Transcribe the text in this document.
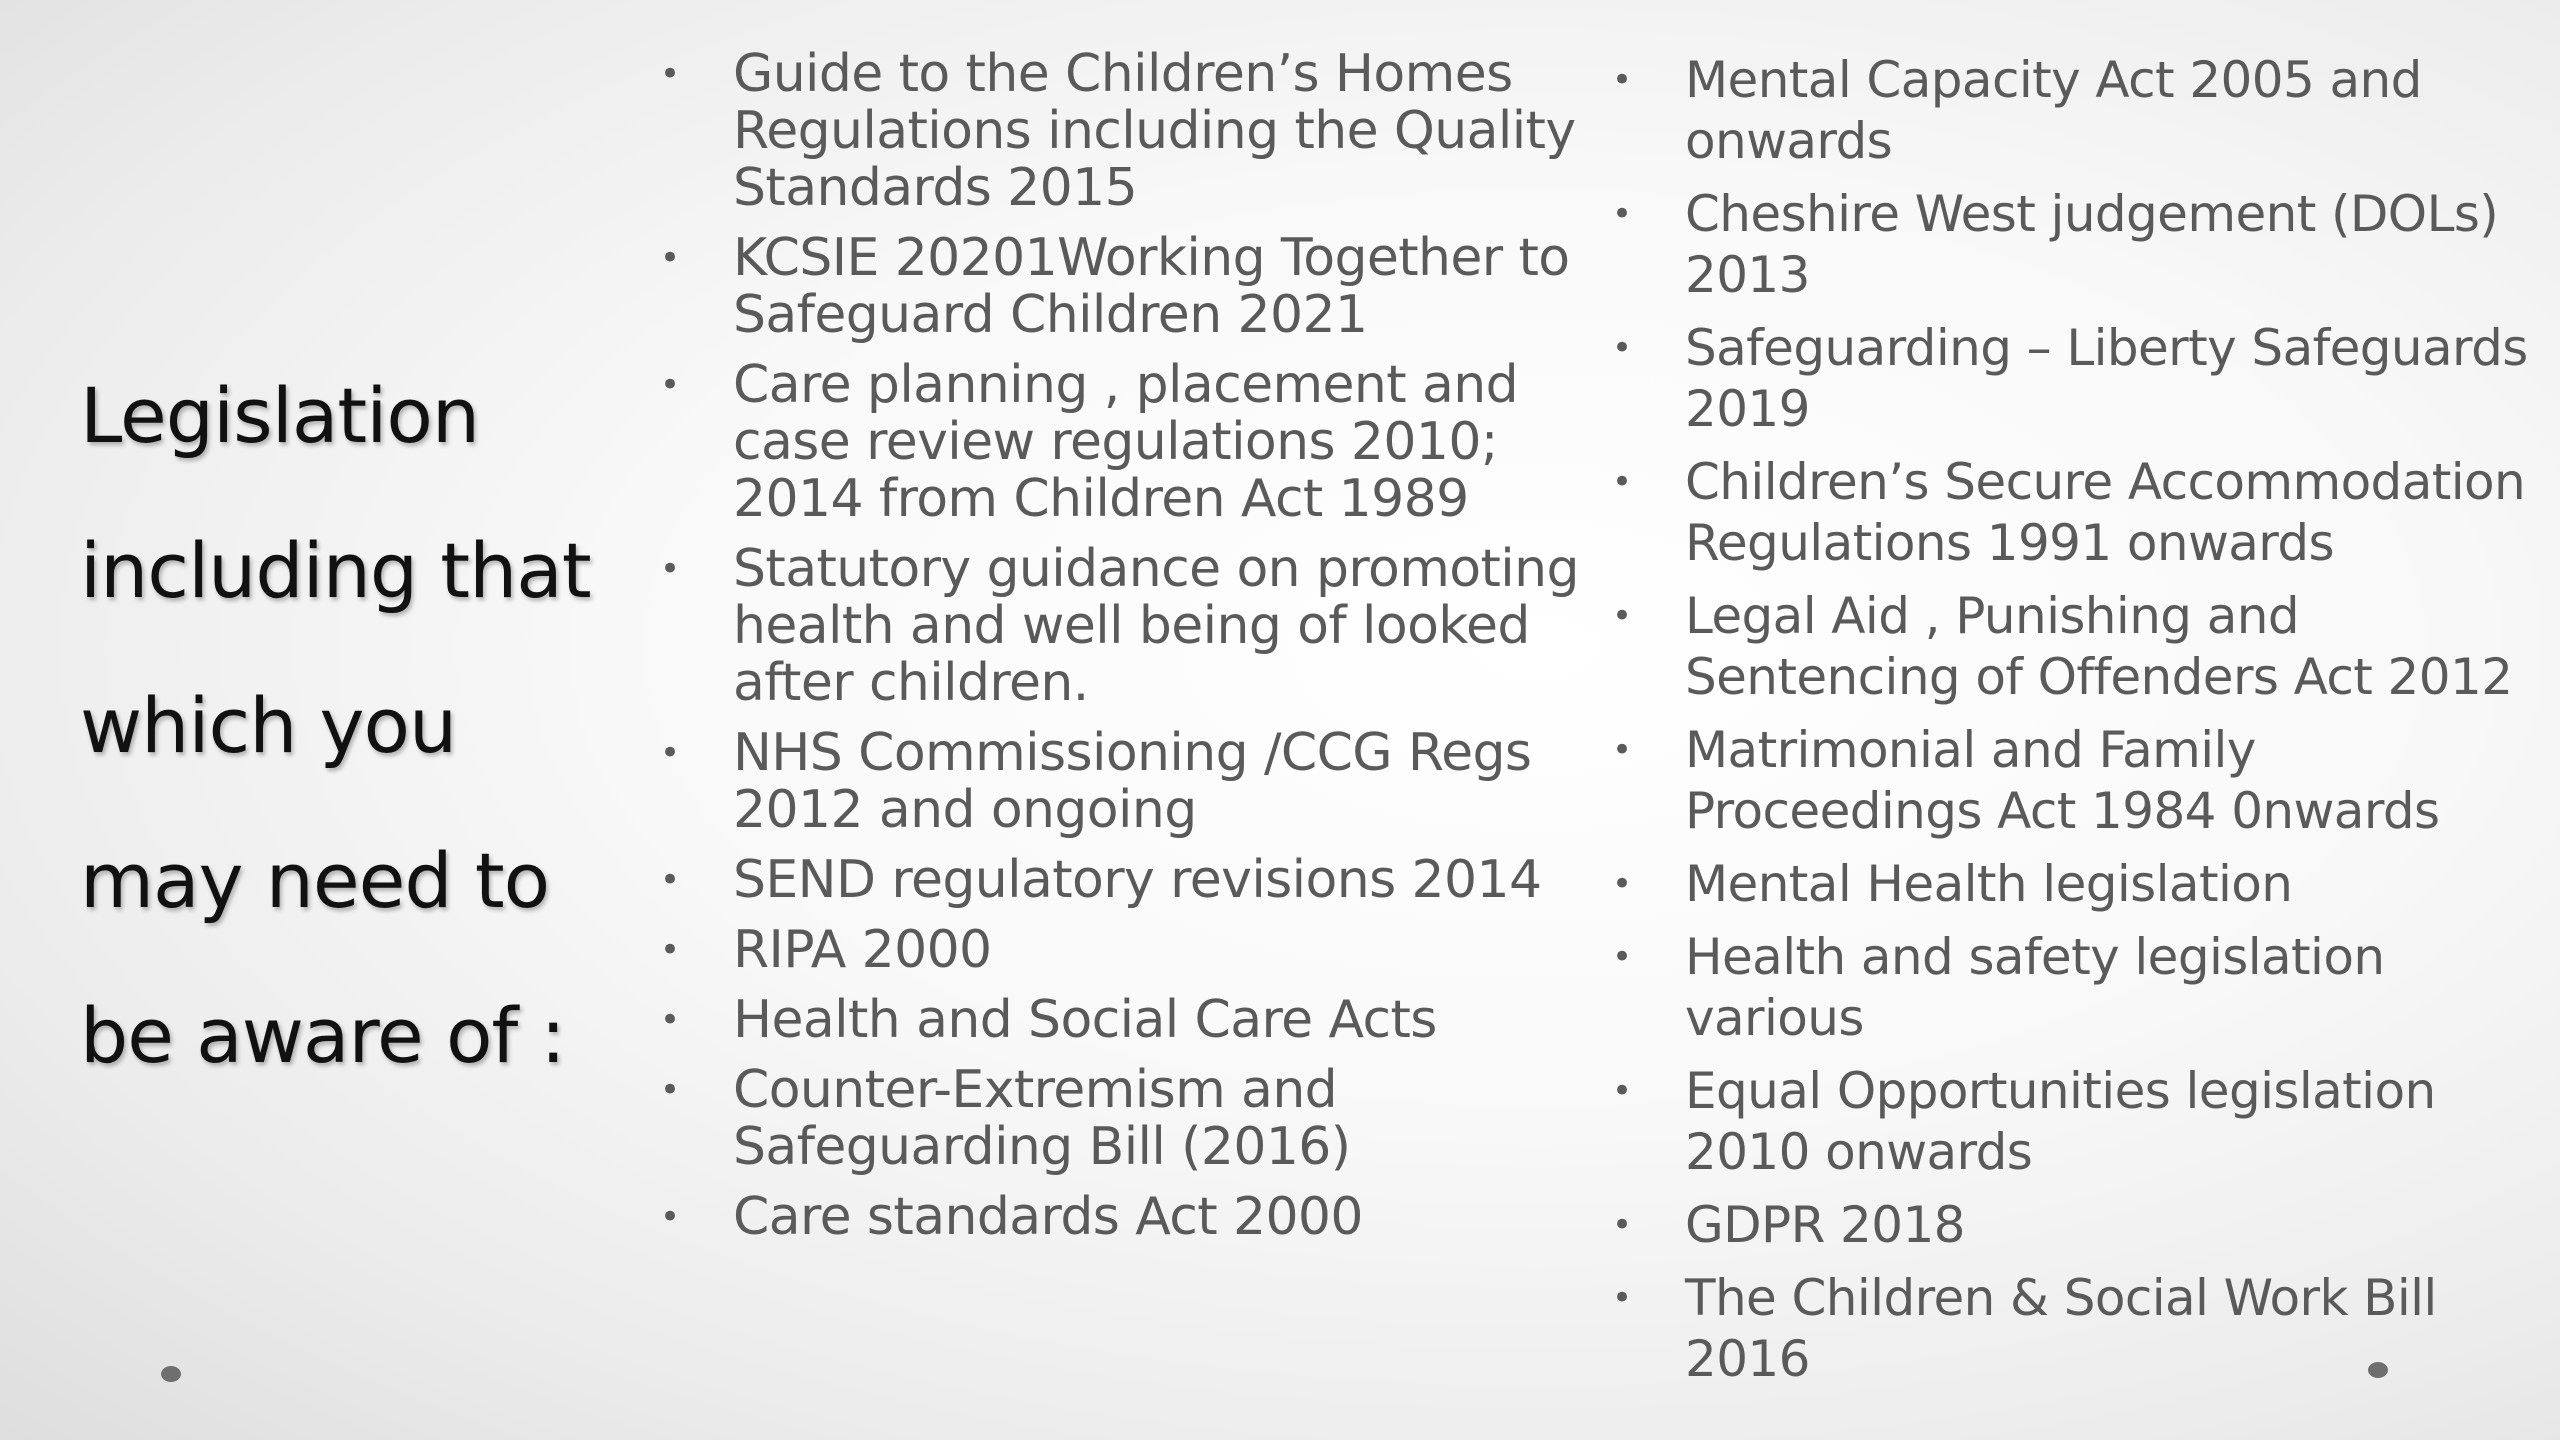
Legislation
including that
which you
may need to
be aware of :
• Guide to the Children’s Homes Regulations including the Quality Standards 2015
• KCSIE 20201Working Together to Safeguard Children 2021
• Care planning , placement and case review regulations 2010; 2014 from Children Act 1989
• Statutory guidance on promoting health and well being of looked after children.
• NHS Commissioning /CCG Regs 2012 and ongoing
• SEND regulatory revisions 2014
• RIPA 2000
• Health and Social Care Acts
• Counter-Extremism and Safeguarding Bill (2016)
• Care standards Act 2000
• Mental Capacity Act 2005 and onwards
• Cheshire West judgement (DOLs) 2013
• Safeguarding – Liberty Safeguards 2019
• Children’s Secure Accommodation Regulations 1991 onwards
• Legal Aid , Punishing and Sentencing of Offenders Act 2012
• Matrimonial and Family Proceedings Act 1984 0nwards
• Mental Health legislation
• Health and safety legislation various
• Equal Opportunities legislation 2010 onwards
• GDPR 2018
• The Children & Social Work Bill 2016
